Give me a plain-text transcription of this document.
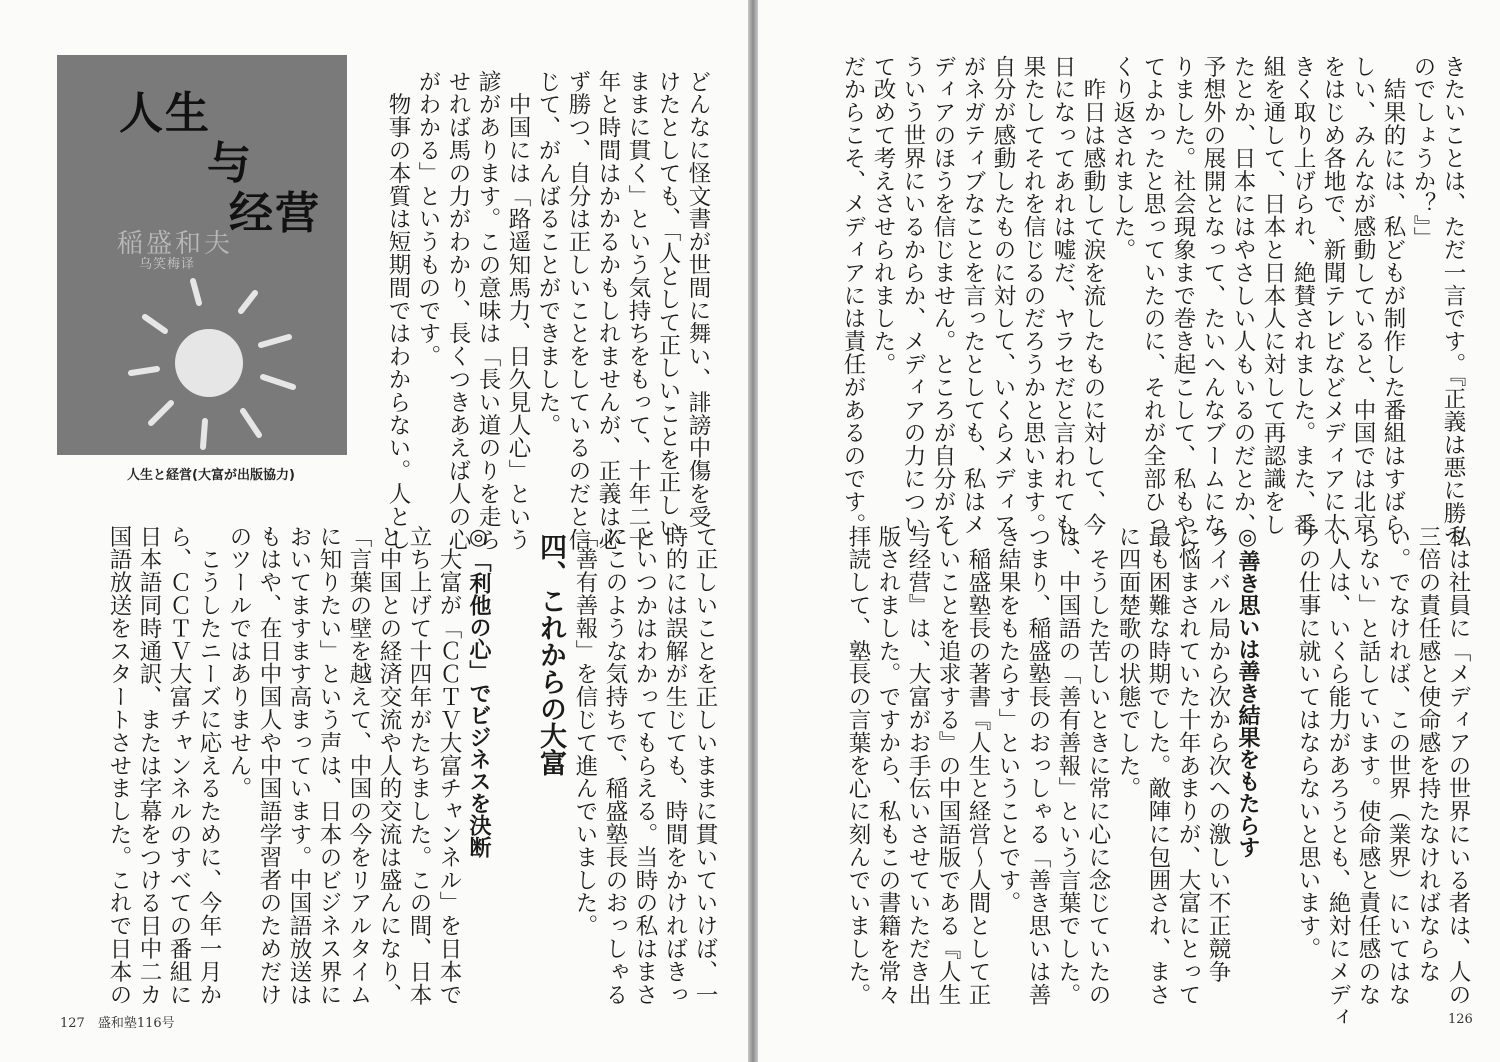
人生
与
经营
稲盛和夫
乌笑梅译
人生と経営(大富が出版協力)	どんなに怪文書が世間に舞い、誹謗中傷を受
けたとしても、「人として正しいことを正しい
ままに貫く」という気持ちをもって、十年二十
年と時間はかかるかもしれませんが、正義は必
ず勝つ、自分は正しいことをしているのだと信
じて、がんばることができました。
　中国には「路遥知馬力、日久見人心」という
諺があります。この意味は「長い道のりを走ら
せれば馬の力がわかり、長くつきあえば人の心
がわかる」というものです。
　物事の本質は短期間ではわからない。人とし
て正しいことを正しいままに貫いていけば、一
時的には誤解が生じても、時間をかければきっ
といつかはわかってもらえる。当時の私はまさ
にこのような気持ちで、稲盛塾長のおっしゃる
「善有善報」を信じて進んでいました。
四、これからの大富
◎「利他の心」でビジネスを決断
　大富が「ＣＣＴＶ大富チャンネル」を日本で
立ち上げて十四年がたちました。この間、日本
と中国との経済交流や人的交流は盛んになり、
「言葉の壁を越えて、中国の今をリアルタイム
に知りたい」という声は、日本のビジネス界に
おいてますます高まっています。中国語放送は
もはや、在日中国人や中国語学習者のためだけ
のツールではありません。
　こうしたニーズに応えるために、今年一月か
ら、ＣＣＴＶ大富チャンネルのすべての番組に
日本語同時通訳、または字幕をつける日中二カ
国語放送をスタートさせました。これで日本の
127　盛和塾116号
きたいことは、ただ一言です。『正義は悪に勝つ
のでしょうか？』」
　結果的には、私どもが制作した番組はすばら
しい、みんなが感動していると、中国では北京
をはじめ各地で、新聞テレビなどメディアに大
きく取り上げられ、絶賛されました。また、番
組を通して、日本と日本人に対して再認識をし
たとか、日本にはやさしい人もいるのだとか、
予想外の展開となって、たいへんなブームにな
りました。社会現象まで巻き起こして、私もやっ
てよかったと思っていたのに、それが全部ひっ
くり返されました。
　昨日は感動して涙を流したものに対して、今
日になってあれは嘘だ、ヤラセだと言われても、
果たしてそれを信じるのだろうかと思います。
自分が感動したものに対して、いくらメディア
がネガティブなことを言ったとしても、私はメ
ディアのほうを信じません。ところが自分がそ
ういう世界にいるからか、メディアの力につい
て改めて考えさせられました。
だからこそ、メディアには責任があるのです。
私は社員に「メディアの世界にいる者は、人の
三倍の責任感と使命感を持たなければならな
い。でなければ、この世界（業界）にいてはな
らない」と話しています。使命感と責任感のな
い人は、いくら能力があろうとも、絶対にメディ
アの仕事に就いてはならないと思います。
◎善き思いは善き結果をもたらす
ライバル局から次から次への激しい不正競争
に悩まされていた十年あまりが、大富にとって
最も困難な時期でした。敵陣に包囲され、まさ
に四面楚歌の状態でした。
　そうした苦しいときに常に心に念じていたの
は、中国語の「善有善報」という言葉でした。
つまり、稲盛塾長のおっしゃる「善き思いは善
き結果をもたらす」ということです。
　稲盛塾長の著書『人生と経営～人間として正
しいことを追求する』の中国語版である『人生
与经营』は、大富がお手伝いさせていただき出
版されました。ですから、私もこの書籍を常々
拝読して、塾長の言葉を心に刻んでいました。
126
